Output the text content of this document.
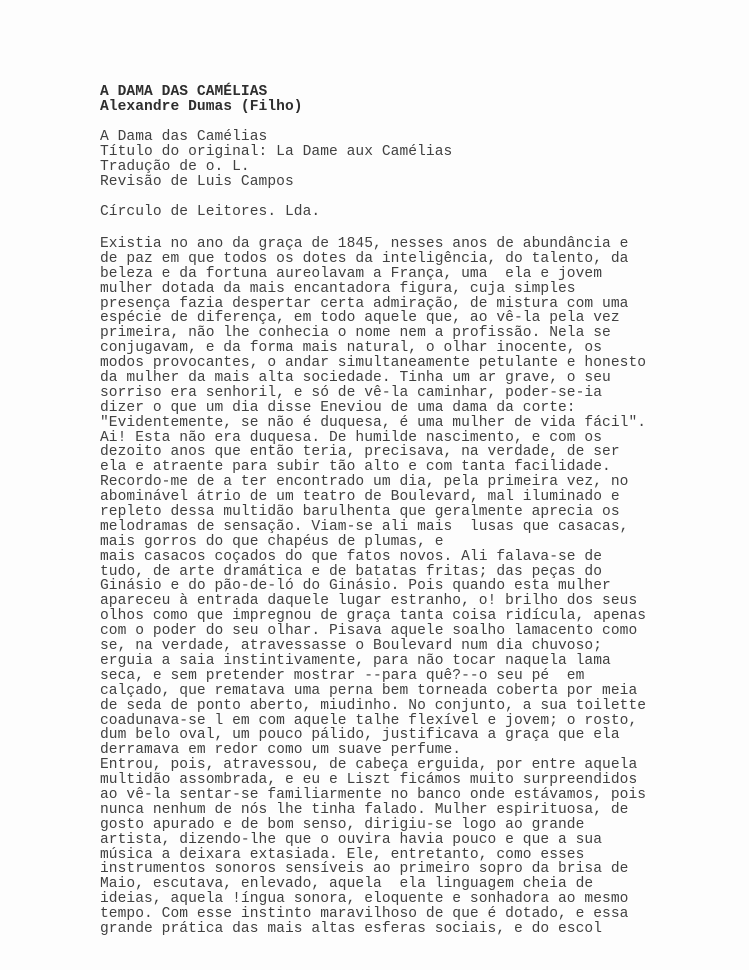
A DAMA DAS CAMÉLIAS
Alexandre Dumas (Filho)
A Dama das Camélias
Título do original: La Dame aux Camélias
Tradução de o. L.
Revisão de Luis Campos
Círculo de Leitores. Lda.
Existia no ano da graça de 1845, nesses anos de abundância e
de paz em que todos os dotes da inteligência, do talento, da
beleza e da fortuna aureolavam a França, uma  ela e jovem
mulher dotada da mais encantadora figura, cuja simples
presença fazia despertar certa admiração, de mistura com uma
espécie de diferença, em todo aquele que, ao vê-la pela vez
primeira, não lhe conhecia o nome nem a profissão. Nela se
conjugavam, e da forma mais natural, o olhar inocente, os
modos provocantes, o andar simultaneamente petulante e honesto
da mulher da mais alta sociedade. Tinha um ar grave, o seu
sorriso era senhoril, e só de vê-la caminhar, poder-se-ia
dizer o que um dia disse Eneviou de uma dama da corte:
"Evidentemente, se não é duquesa, é uma mulher de vida fácil".
Ai! Esta não era duquesa. De humilde nascimento, e com os
dezoito anos que então teria, precisava, na verdade, de ser
ela e atraente para subir tão alto e com tanta facilidade.
Recordo-me de a ter encontrado um dia, pela primeira vez, no
abominável átrio de um teatro de Boulevard, mal iluminado e
repleto dessa multidão barulhenta que geralmente aprecia os
melodramas de sensação. Viam-se ali mais  lusas que casacas,
mais gorros do que chapéus de plumas, e
mais casacos coçados do que fatos novos. Ali falava-se de
tudo, de arte dramática e de batatas fritas; das peças do
Ginásio e do pão-de-ló do Ginásio. Pois quando esta mulher
apareceu à entrada daquele lugar estranho, o! brilho dos seus
olhos como que impregnou de graça tanta coisa ridícula, apenas
com o poder do seu olhar. Pisava aquele soalho lamacento como
se, na verdade, atravessasse o Boulevard num dia chuvoso;
erguia a saia instintivamente, para não tocar naquela lama
seca, e sem pretender mostrar --para quê?--o seu pé  em
calçado, que rematava uma perna bem torneada coberta por meia
de seda de ponto aberto, miudinho. No conjunto, a sua toilette
coadunava-se l em com aquele talhe flexível e jovem; o rosto,
dum belo oval, um pouco pálido, justificava a graça que ela
derramava em redor como um suave perfume.
Entrou, pois, atravessou, de cabeça erguida, por entre aquela
multidão assombrada, e eu e Liszt ficámos muito surpreendidos
ao vê-la sentar-se familiarmente no banco onde estávamos, pois
nunca nenhum de nós lhe tinha falado. Mulher espirituosa, de
gosto apurado e de bom senso, dirigiu-se logo ao grande
artista, dizendo-lhe que o ouvira havia pouco e que a sua
música a deixara extasiada. Ele, entretanto, como esses
instrumentos sonoros sensíveis ao primeiro sopro da brisa de
Maio, escutava, enlevado, aquela  ela linguagem cheia de
ideias, aquela !íngua sonora, eloquente e sonhadora ao mesmo
tempo. Com esse instinto maravilhoso de que é dotado, e essa
grande prática das mais altas esferas sociais, e do escol
